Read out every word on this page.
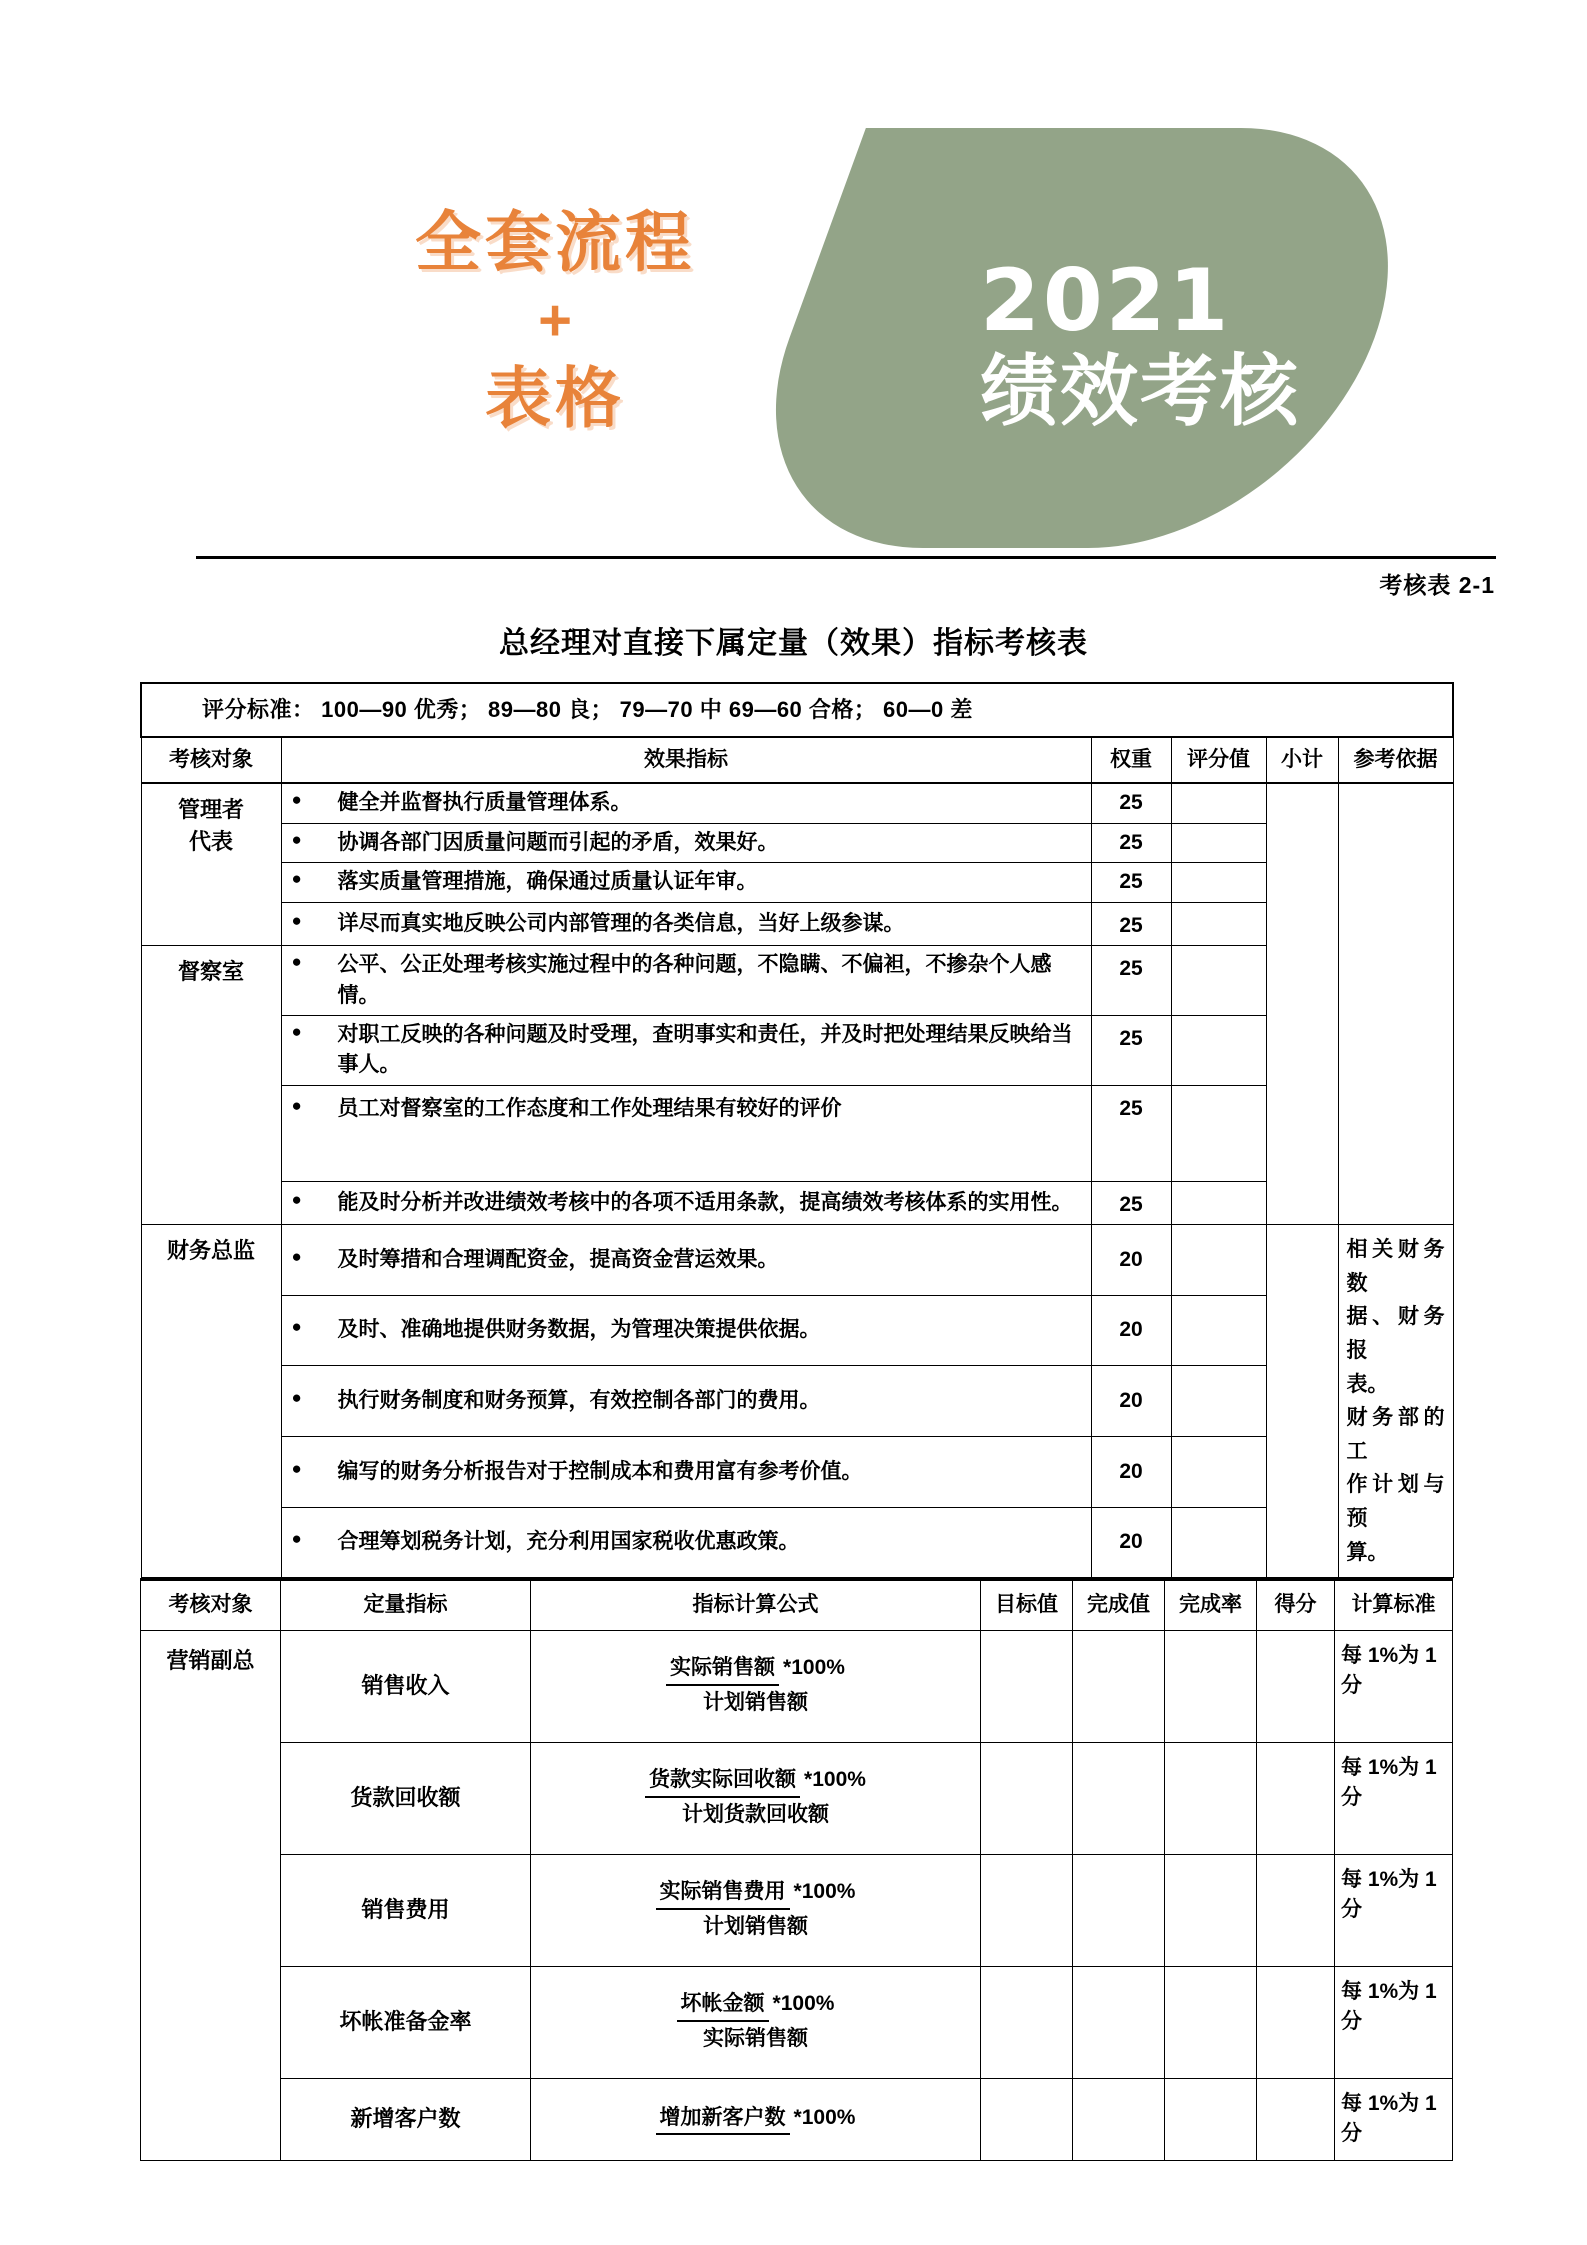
2021
绩效考核
全套流程
+
表格
考核表 2-1
总经理对直接下属定量（效果）指标考核表
评分标准： 100—90 优秀； 89—80 良； 79—70 中 69—60 合格； 60—0 差					
考核对象	效果指标	权重	评分值	小计	参考依据
管理者
代表	● 健全并监督执行质量管理体系。	25			
	● 协调各部门因质量问题而引起的矛盾，效果好。	25			
	● 落实质量管理措施，确保通过质量认证年审。	25			
	● 详尽而真实地反映公司内部管理的各类信息，当好上级参谋。	25			
督察室	● 公平、公正处理考核实施过程中的各种问题，不隐瞒、不偏袒，不掺杂个人感情。	25			
	● 对职工反映的各种问题及时受理，查明事实和责任，并及时把处理结果反映给当事人。	25			
	● 员工对督察室的工作态度和工作处理结果有较好的评价	25			
	● 能及时分析并改进绩效考核中的各项不适用条款，提高绩效考核体系的实用性。	25			
财务总监	● 及时筹措和合理调配资金，提高资金营运效果。	20			相关财务数

据、财务报

表。

财务部的工

作计划与预

算。

	● 及时、准确地提供财务数据，为管理决策提供依据。	20			
	● 执行财务制度和财务预算，有效控制各部门的费用。	20			
	● 编写的财务分析报告对于控制成本和费用富有参考价值。	20			
	● 合理筹划税务计划，充分利用国家税收优惠政策。	20			
考核对象	定量指标	指标计算公式	目标值	完成值	完成率	得分	计算标准
营销副总	销售收入	实际销售额 *100%
计划销售额					每 1%为 1 分
	货款回收额	货款实际回收额 *100%
计划货款回收额					每 1%为 1 分
	销售费用	实际销售费用 *100%
计划销售额					每 1%为 1 分
	坏帐准备金率	坏帐金额 *100%
实际销售额					每 1%为 1 分
	新增客户数	增加新客户数 *100%					每 1%为 1 分
